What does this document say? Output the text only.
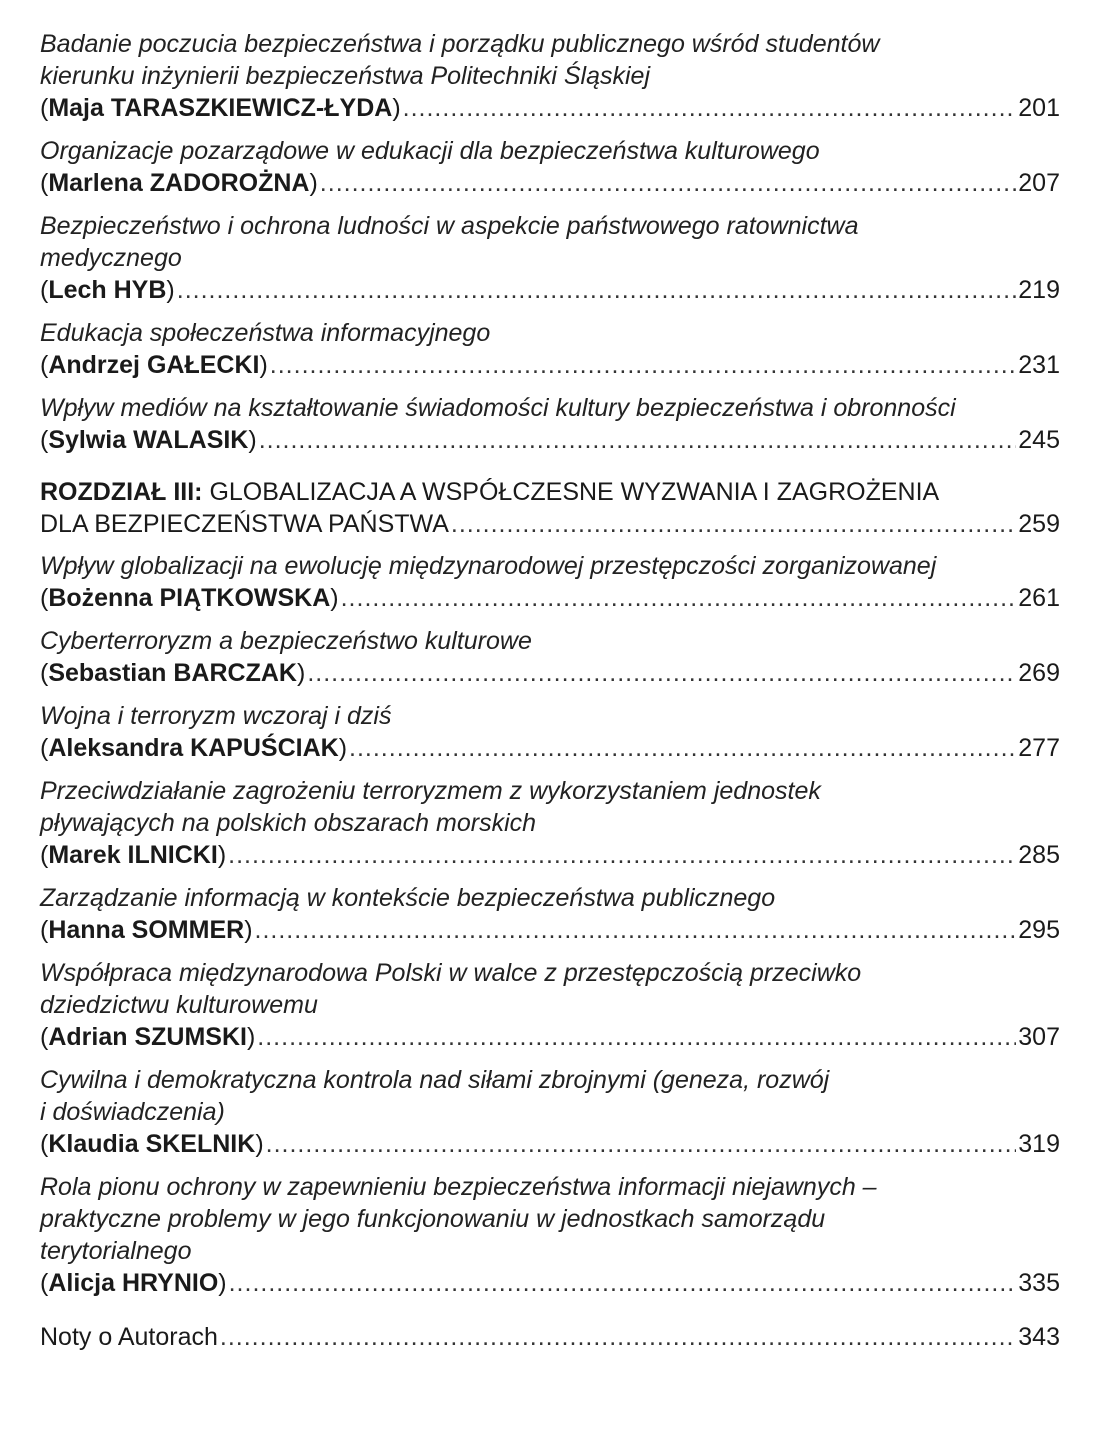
Badanie poczucia bezpieczeństwa i porządku publicznego wśród studentów
kierunku inżynierii bezpieczeństwa Politechniki Śląskiej
(Maja TARASZKIEWICZ-ŁYDA) .....	201
Organizacje pozarządowe w edukacji dla bezpieczeństwa kulturowego
(Marlena ZADOROŻNA) .....	207
Bezpieczeństwo i ochrona ludności w aspekcie państwowego ratownictwa
medycznego
(Lech HYB) .....	219
Edukacja społeczeństwa informacyjnego
(Andrzej GAŁECKI) .....	231
Wpływ mediów na kształtowanie świadomości kultury bezpieczeństwa i obronności
(Sylwia WALASIK) .....	245
ROZDZIAŁ III: GLOBALIZACJA A WSPÓŁCZESNE WYZWANIA I ZAGROŻENIA
DLA BEZPIECZEŃSTWA PAŃSTWA .....	259
Wpływ globalizacji na ewolucję międzynarodowej przestępczości zorganizowanej
(Bożenna PIĄTKOWSKA) .....	261
Cyberterroryzm a bezpieczeństwo kulturowe
(Sebastian BARCZAK) .....	269
Wojna i terroryzm wczoraj i dziś
(Aleksandra KAPUŚCIAK) .....	277
Przeciwdziałanie zagrożeniu terroryzmem z wykorzystaniem jednostek
pływających na polskich obszarach morskich
(Marek ILNICKI) .....	285
Zarządzanie informacją w kontekście bezpieczeństwa publicznego
(Hanna SOMMER) .....	295
Współpraca międzynarodowa Polski w walce z przestępczością przeciwko
dziedzictwu kulturowemu
(Adrian SZUMSKI) .....	307
Cywilna i demokratyczna kontrola nad siłami zbrojnymi (geneza, rozwój
i doświadczenia)
(Klaudia SKELNIK) .....	319
Rola pionu ochrony w zapewnieniu bezpieczeństwa informacji niejawnych –
praktyczne problemy w jego funkcjonowaniu w jednostkach samorządu
terytorialnego
(Alicja HRYNIO) .....	335
Noty o Autorach .....	343
